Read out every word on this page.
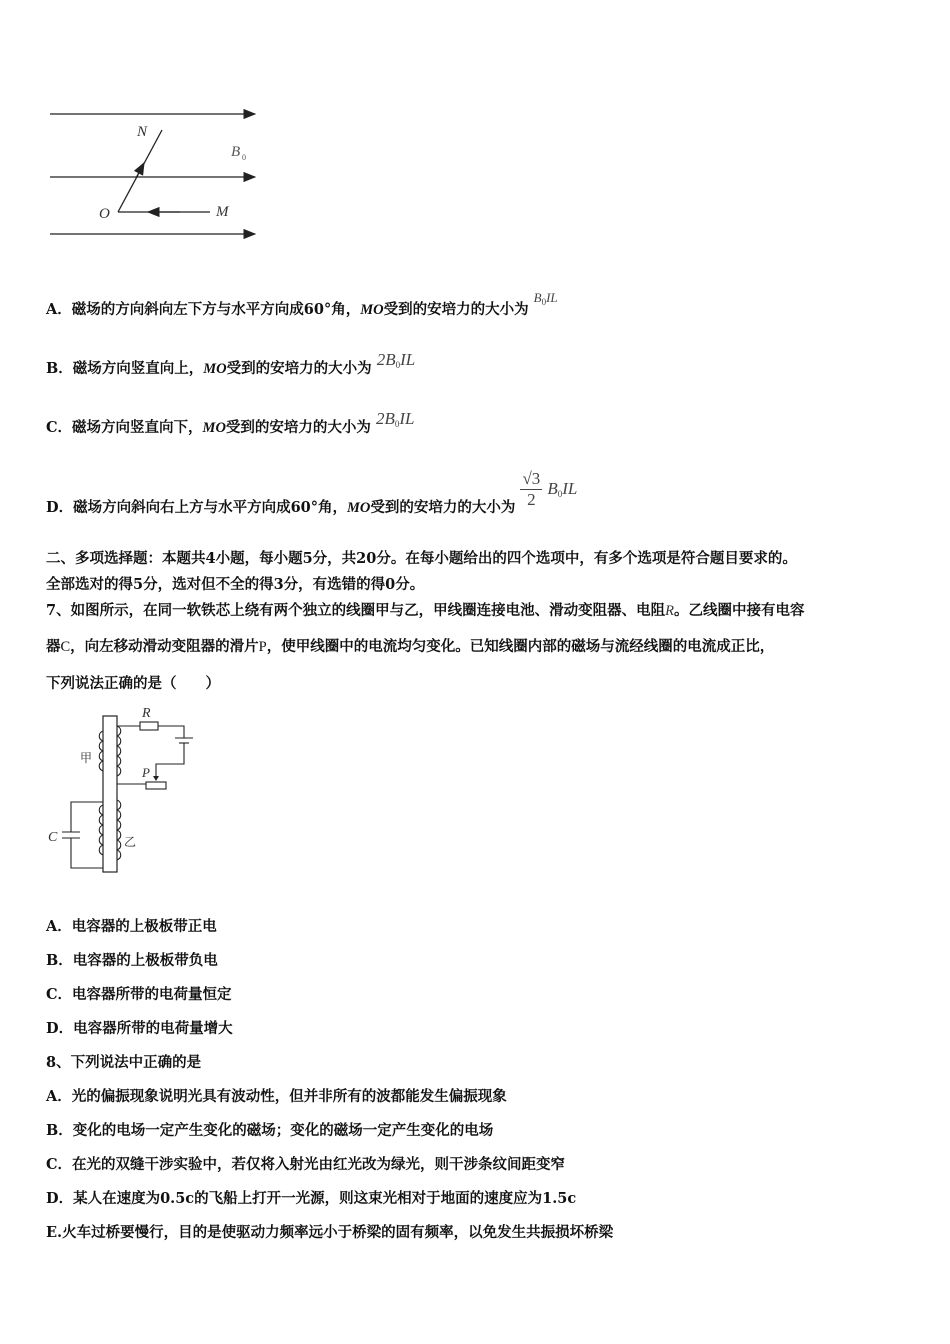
N
B 0
O	M
A．磁场的方向斜向左下方与水平方向成60°角，MO受到的安培力的大小为 $B_0IL$
B．磁场方向竖直向上，MO受到的安培力的大小为 $2B_0IL$
C．磁场方向竖直向下，MO受到的安培力的大小为 $2B_0IL$
D．磁场方向斜向右上方与水平方向成60°角，MO受到的安培力的大小为 $\frac{√3}{2} B_0IL$
二、多项选择题：本题共4小题，每小题5分，共20分。在每小题给出的四个选项中，有多个选项是符合题目要求的。
全部选对的得5分，选对但不全的得3分，有选错的得0分。
7、如图所示，在同一软铁芯上绕有两个独立的线圈甲与乙，甲线圈连接电池、滑动变阻器、电阻R。乙线圈中接有电容
器C，向左移动滑动变阻器的滑片P，使甲线圈中的电流均匀变化。已知线圈内部的磁场与流经线圈的电流成正比，
下列说法正确的是（　　）
R
甲
P
C	乙
A．电容器的上极板带正电
B．电容器的上极板带负电
C．电容器所带的电荷量恒定
D．电容器所带的电荷量增大
8、下列说法中正确的是
A．光的偏振现象说明光具有波动性，但并非所有的波都能发生偏振现象
B．变化的电场一定产生变化的磁场；变化的磁场一定产生变化的电场
C．在光的双缝干涉实验中，若仅将入射光由红光改为绿光，则干涉条纹间距变窄
D．某人在速度为0.5c的飞船上打开一光源，则这束光相对于地面的速度应为1.5c
E.火车过桥要慢行，目的是使驱动力频率远小于桥梁的固有频率，以免发生共振损坏桥梁
